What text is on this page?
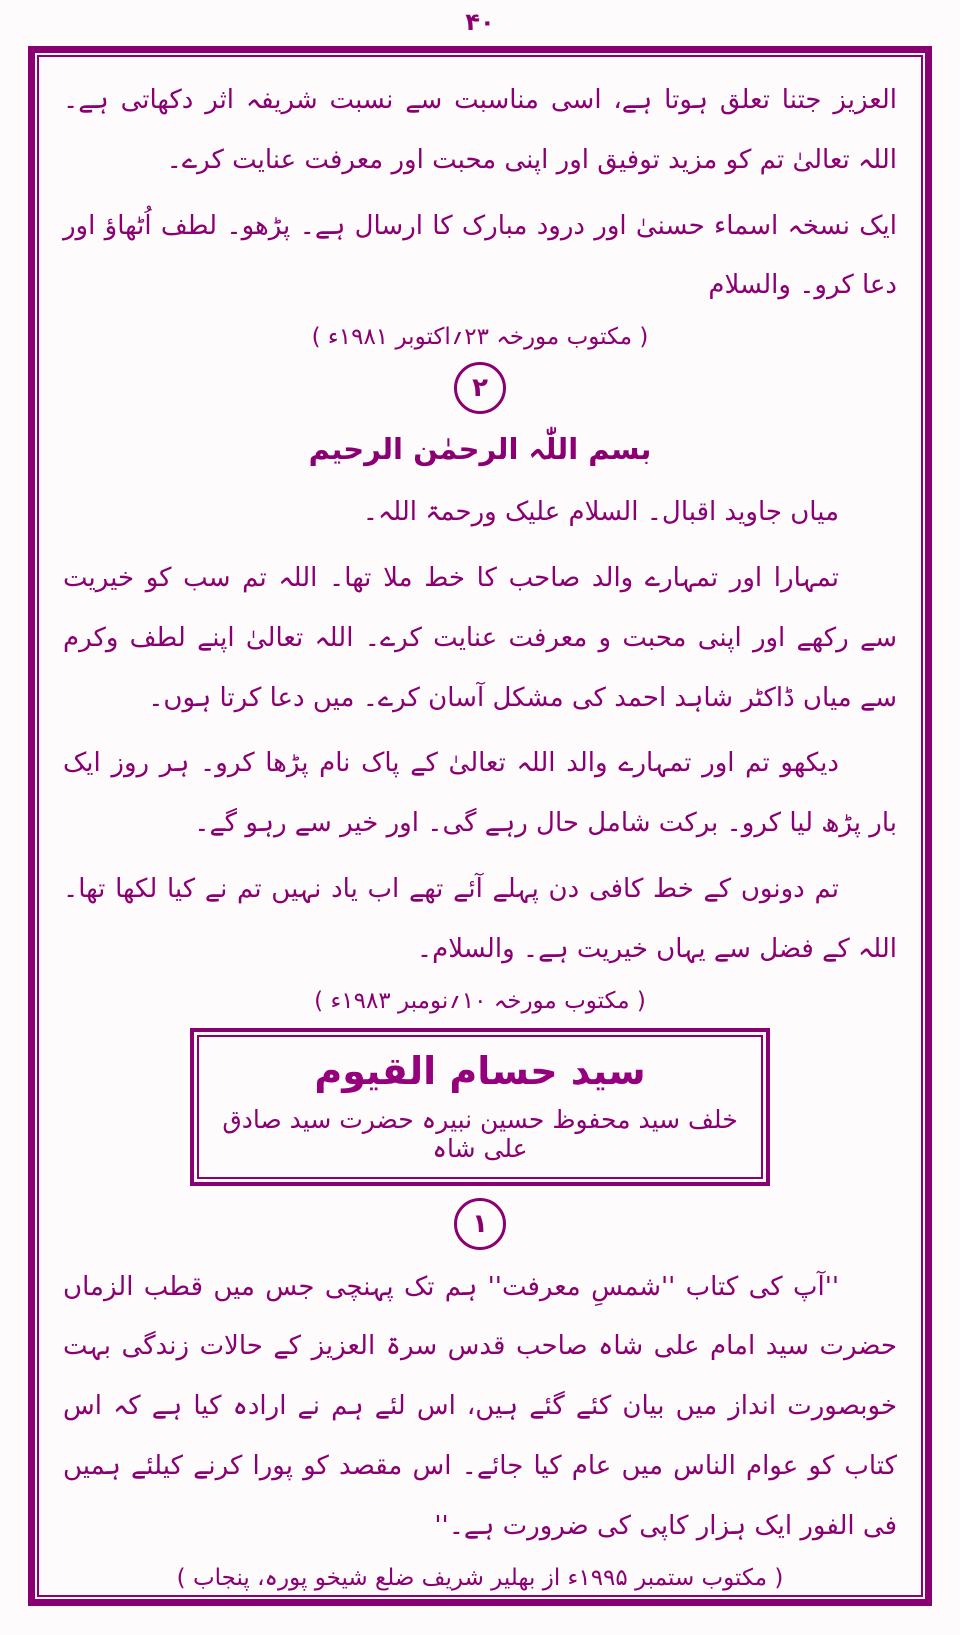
۴۰

العزیز جتنا تعلق ہوتا ہے، اسی مناسبت سے نسبت شریفہ اثر دکھاتی ہے۔ اللہ تعالیٰ تم کو مزید توفیق اور اپنی محبت اور معرفت عنایت کرے۔

ایک نسخہ اسماء حسنیٰ اور درود مبارک کا ارسال ہے۔ پڑھو۔ لطف اُٹھاؤ اور دعا کرو۔ والسلام

( مکتوب مورخہ ۲۳؍اکتوبر ۱۹۸۱ء )
۲
بسم اللّٰہ الرحمٰن الرحیم

میاں جاوید اقبال۔ السلام علیک ورحمۃ اللہ۔

تمہارا اور تمہارے والد صاحب کا خط ملا تھا۔ اللہ تم سب کو خیریت سے رکھے اور اپنی محبت و معرفت عنایت کرے۔ اللہ تعالیٰ اپنے لطف وکرم سے میاں ڈاکٹر شاہد احمد کی مشکل آسان کرے۔ میں دعا کرتا ہوں۔

دیکھو تم اور تمہارے والد اللہ تعالیٰ کے پاک نام پڑھا کرو۔ ہر روز ایک بار پڑھ لیا کرو۔ برکت شامل حال رہے گی۔ اور خیر سے رہو گے۔

تم دونوں کے خط کافی دن پہلے آئے تھے اب یاد نہیں تم نے کیا لکھا تھا۔ اللہ کے فضل سے یہاں خیریت ہے۔ والسلام۔

( مکتوب مورخہ ۱۰؍نومبر ۱۹۸۳ء )
سید حسام القیوم
خلف سید محفوظ حسین نبیرہ حضرت سید صادق علی شاہ
۱

''آپ کی کتاب ''شمسِ معرفت'' ہم تک پہنچی جس میں قطب الزماں حضرت سید امام علی شاہ صاحب قدس سرۃ العزیز کے حالات زندگی بہت خوبصورت انداز میں بیان کئے گئے ہیں، اس لئے ہم نے ارادہ کیا ہے کہ اس کتاب کو عوام الناس میں عام کیا جائے۔ اس مقصد کو پورا کرنے کیلئے ہمیں فی الفور ایک ہزار کاپی کی ضرورت ہے۔''

( مکتوب ستمبر ۱۹۹۵ء از بھلیر شریف ضلع شیخو پورہ، پنجاب )
